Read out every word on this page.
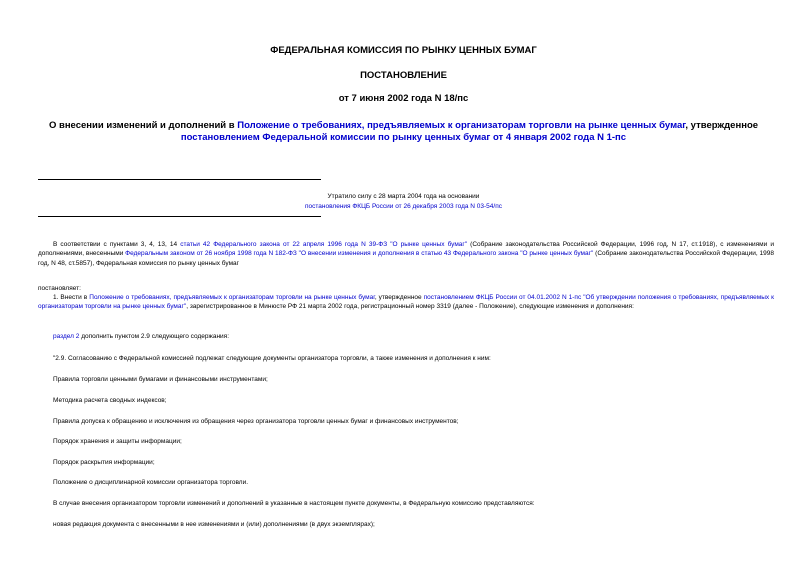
ФЕДЕРАЛЬНАЯ КОМИССИЯ ПО РЫНКУ ЦЕННЫХ БУМАГ
ПОСТАНОВЛЕНИЕ
от 7 июня 2002 года N 18/пс
О внесении изменений и дополнений в Положение о требованиях, предъявляемых к организаторам торговли на рынке ценных бумаг, утвержденное
постановлением Федеральной комиссии по рынку ценных бумаг от 4 января 2002 года N 1-пс
Утратило силу с 28 марта 2004 года на основании
постановления ФКЦБ России от 26 декабря 2003 года N 03-54/пс
В соответствии с пунктами 3, 4, 13, 14 статьи 42 Федерального закона от 22 апреля 1996 года N 39-ФЗ "О рынке ценных бумаг" (Собрание законодательства Российской Федерации, 1996 год, N 17, ст.1918), с изменениями и дополнениями, внесенными Федеральным законом от 26 ноября 1998 года N 182-ФЗ "О внесении изменения и дополнения в статью 43 Федерального закона "О рынке ценных бумаг" (Собрание законодательства Российской Федерации, 1998 год, N 48, ст.5857), Федеральная комиссия по рынку ценных бумаг
постановляет:
1. Внести в Положение о требованиях, предъявляемых к организаторам торговли на рынке ценных бумаг, утвержденное постановлением ФКЦБ России от 04.01.2002 N 1-пс "Об утверждении положения о требованиях, предъявляемых к организаторам торговли на рынке ценных бумаг", зарегистрированное в Минюсте РФ 21 марта 2002 года, регистрационный номер 3319 (далее - Положение), следующие изменения и дополнения:
раздел 2 дополнить пунктом 2.9 следующего содержания:
"2.9. Согласованию с Федеральной комиссией подлежат следующие документы организатора торговли, а также изменения и дополнения к ним:
Правила торговли ценными бумагами и финансовыми инструментами;
Методика расчета сводных индексов;
Правила допуска к обращению и исключения из обращения через организатора торговли ценных бумаг и финансовых инструментов;
Порядок хранения и защиты информации;
Порядок раскрытия информации;
Положение о дисциплинарной комиссии организатора торговли.
В случае внесения организатором торговли изменений и дополнений в указанные в настоящем пункте документы, в Федеральную комиссию представляются:
новая редакция документа с внесенными в нее изменениями и (или) дополнениями (в двух экземплярах);
